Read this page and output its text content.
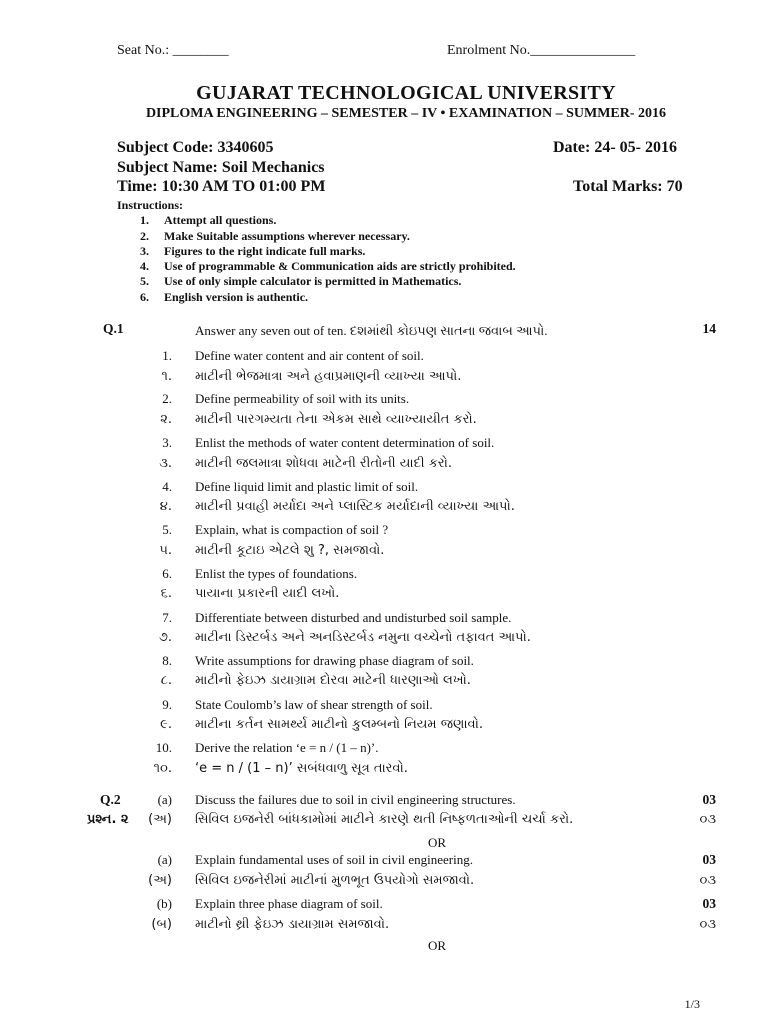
Seat No.: ________	Enrolment No._______________
GUJARAT TECHNOLOGICAL UNIVERSITY
DIPLOMA ENGINEERING – SEMESTER – IV • EXAMINATION – SUMMER- 2016
Subject Code: 3340605	Date: 24- 05- 2016
Subject Name: Soil Mechanics
Time: 10:30 AM TO 01:00 PM	Total Marks: 70
Instructions:
1. Attempt all questions.
2. Make Suitable assumptions wherever necessary.
3. Figures to the right indicate full marks.
4. Use of programmable & Communication aids are strictly prohibited.
5. Use of only simple calculator is permitted in Mathematics.
6. English version is authentic.
Q.1	Answer any seven out of ten. દશમાંથી કોઇપણ સાતના જવાબ આપો.	14
1. Define water content and air content of soil.
૧. માટીની ભેજમાત્રા અને હવાપ્રમાણની વ્યાખ્યા આપો.
2. Define permeability of soil with its units.
૨. માટીની પારગમ્યતા તેના એકમ સાથે વ્યાખ્યાયીત કરો.
3. Enlist the methods of water content determination of soil.
૩. માટીની જલમાત્રા શોધવા માટેની રીતોની યાદી કરો.
4. Define liquid limit and plastic limit of soil.
૪. માટીની પ્રવાહી મર્યાદા અને પ્લાસ્ટિક મર્યાદાની વ્યાખ્યા આપો.
5. Explain, what is compaction of soil ?
૫. માટીની કૂટાઇ એટલે શુ ?, સમજાવો.
6. Enlist the types of foundations.
૬. પાયાના પ્રકારની યાદી લખો.
7. Differentiate between disturbed and undisturbed soil sample.
૭. માટીના ડિસ્ટર્બડ અને અનડિસ્ટર્બડ નમુના વચ્ચેનો તફાવત આપો.
8. Write assumptions for drawing phase diagram of soil.
૮. માટીનો ફેઇઝ ડાયાગ્રામ દોરવા માટેની ધારણાઓ લખો.
9. State Coulomb’s law of shear strength of soil.
૯. માટીના કર્તન સામર્થ્ય માટીનો કુલમ્બનો નિયમ જણાવો.
10. Derive the relation ‘e = n / (1 – n)’.
૧૦. ‘e = n / (1 – n)’ સબંધવાળુ સૂત્ર તારવો.
Q.2
પ્રશ્ન. ૨
(a) Discuss the failures due to soil in civil engineering structures.	03
(અ) સિવિલ ઇજનેરી બાંધકામોમાં માટીને કારણે થતી નિષ્ફળતાઓની ચર્ચા કરો.	૦૩
OR
(a) Explain fundamental uses of soil in civil engineering.	03
(અ) સિવિલ ઇજનેરીમાં માટીનાં મુળભૂત ઉપયોગો સમજાવો.	૦૩
(b) Explain three phase diagram of soil.	03
(બ) માટીનો થ્રી ફેઇઝ ડાયાગ્રામ સમજાવો.	૦૩
OR
1/3
